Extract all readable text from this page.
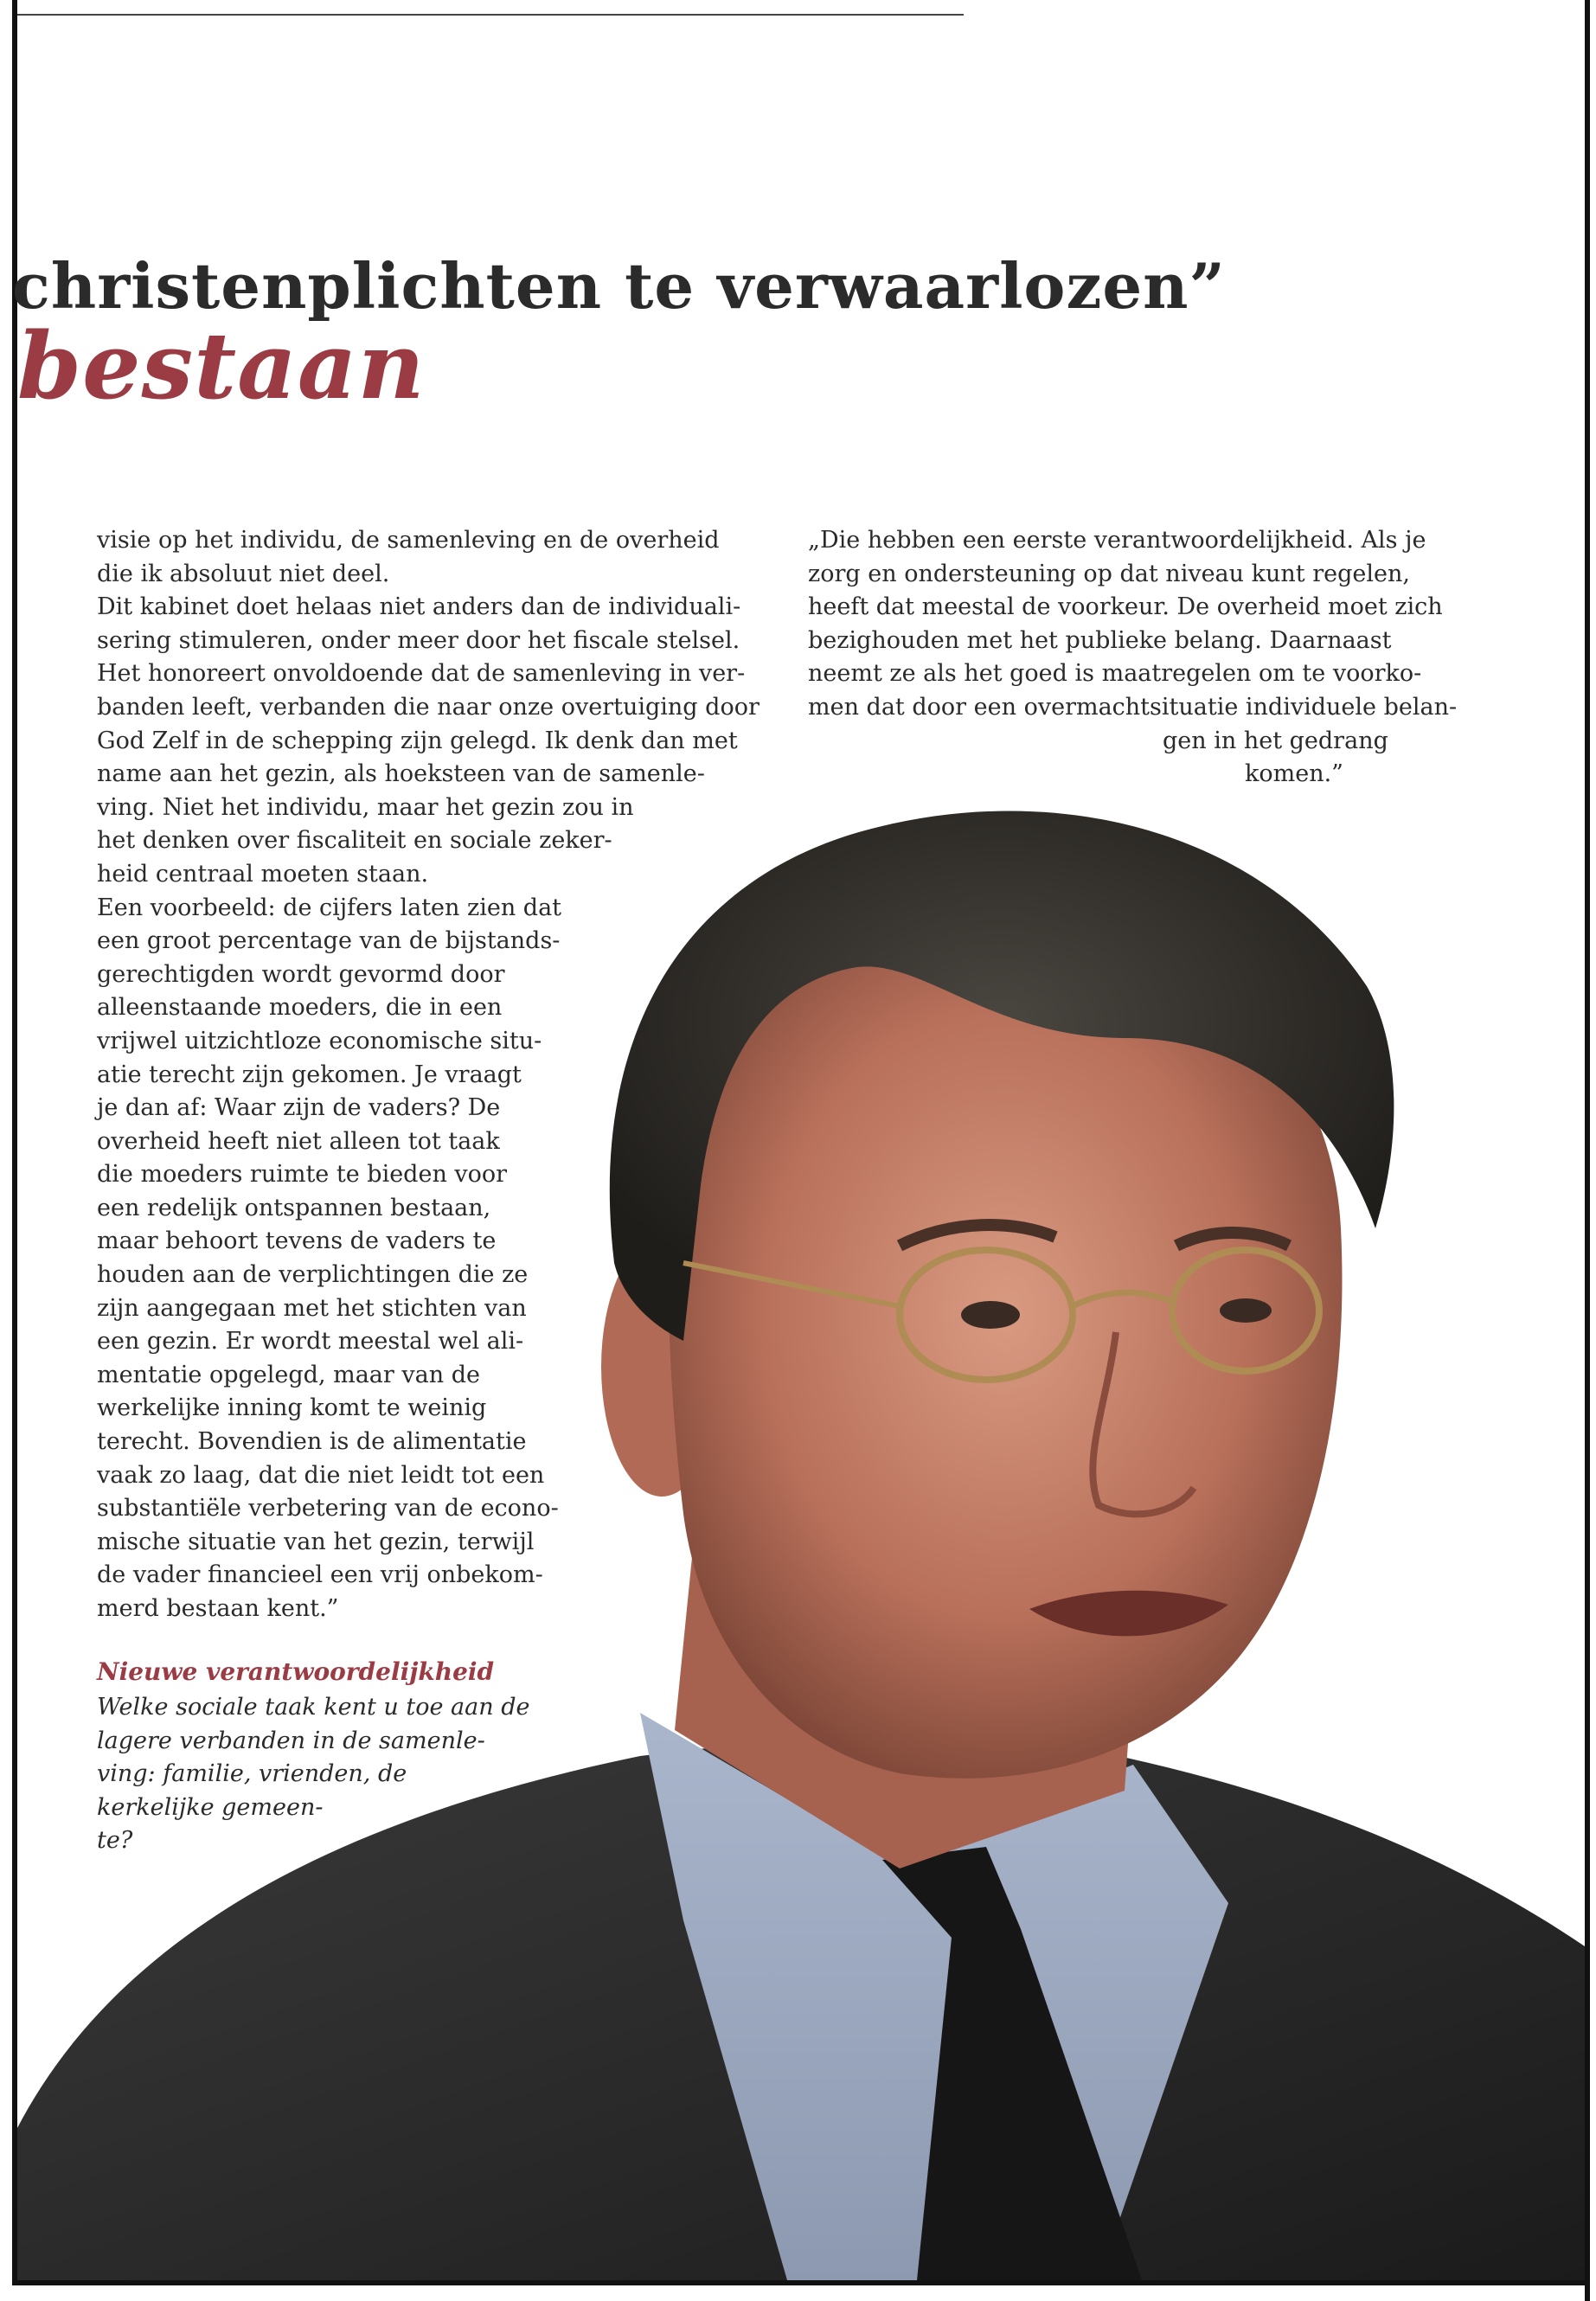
christenplichten te verwaarlozen”
bestaan
visie op het individu, de samenleving en de overheid
die ik absoluut niet deel.
Dit kabinet doet helaas niet anders dan de individuali-
sering stimuleren, onder meer door het fiscale stelsel.
Het honoreert onvoldoende dat de samenleving in ver-
banden leeft, verbanden die naar onze overtuiging door
God Zelf in de schepping zijn gelegd. Ik denk dan met
name aan het gezin, als hoeksteen van de samenle-
ving. Niet het individu, maar het gezin zou in
het denken over fiscaliteit en sociale zeker-
heid centraal moeten staan.
Een voorbeeld: de cijfers laten zien dat
een groot percentage van de bijstands-
gerechtigden wordt gevormd door
alleenstaande moeders, die in een
vrijwel uitzichtloze economische situ-
atie terecht zijn gekomen. Je vraagt
je dan af: Waar zijn de vaders? De
overheid heeft niet alleen tot taak
die moeders ruimte te bieden voor
een redelijk ontspannen bestaan,
maar behoort tevens de vaders te
houden aan de verplichtingen die ze
zijn aangegaan met het stichten van
een gezin. Er wordt meestal wel ali-
mentatie opgelegd, maar van de
werkelijke inning komt te weinig
terecht. Bovendien is de alimentatie
vaak zo laag, dat die niet leidt tot een
substantiële verbetering van de econo-
mische situatie van het gezin, terwijl
de vader financieel een vrij onbekom-
merd bestaan kent.”
„Die hebben een eerste verantwoordelijkheid. Als je
zorg en ondersteuning op dat niveau kunt regelen,
heeft dat meestal de voorkeur. De overheid moet zich
bezighouden met het publieke belang. Daarnaast
neemt ze als het goed is maatregelen om te voorko-
men dat door een overmachtsituatie individuele belan-
gen in het gedrang
komen.”
Nieuwe verantwoordelijkheid
Welke sociale taak kent u toe aan de
lagere verbanden in de samenle-
ving: familie, vrienden, de
kerkelijke gemeen-
te?
